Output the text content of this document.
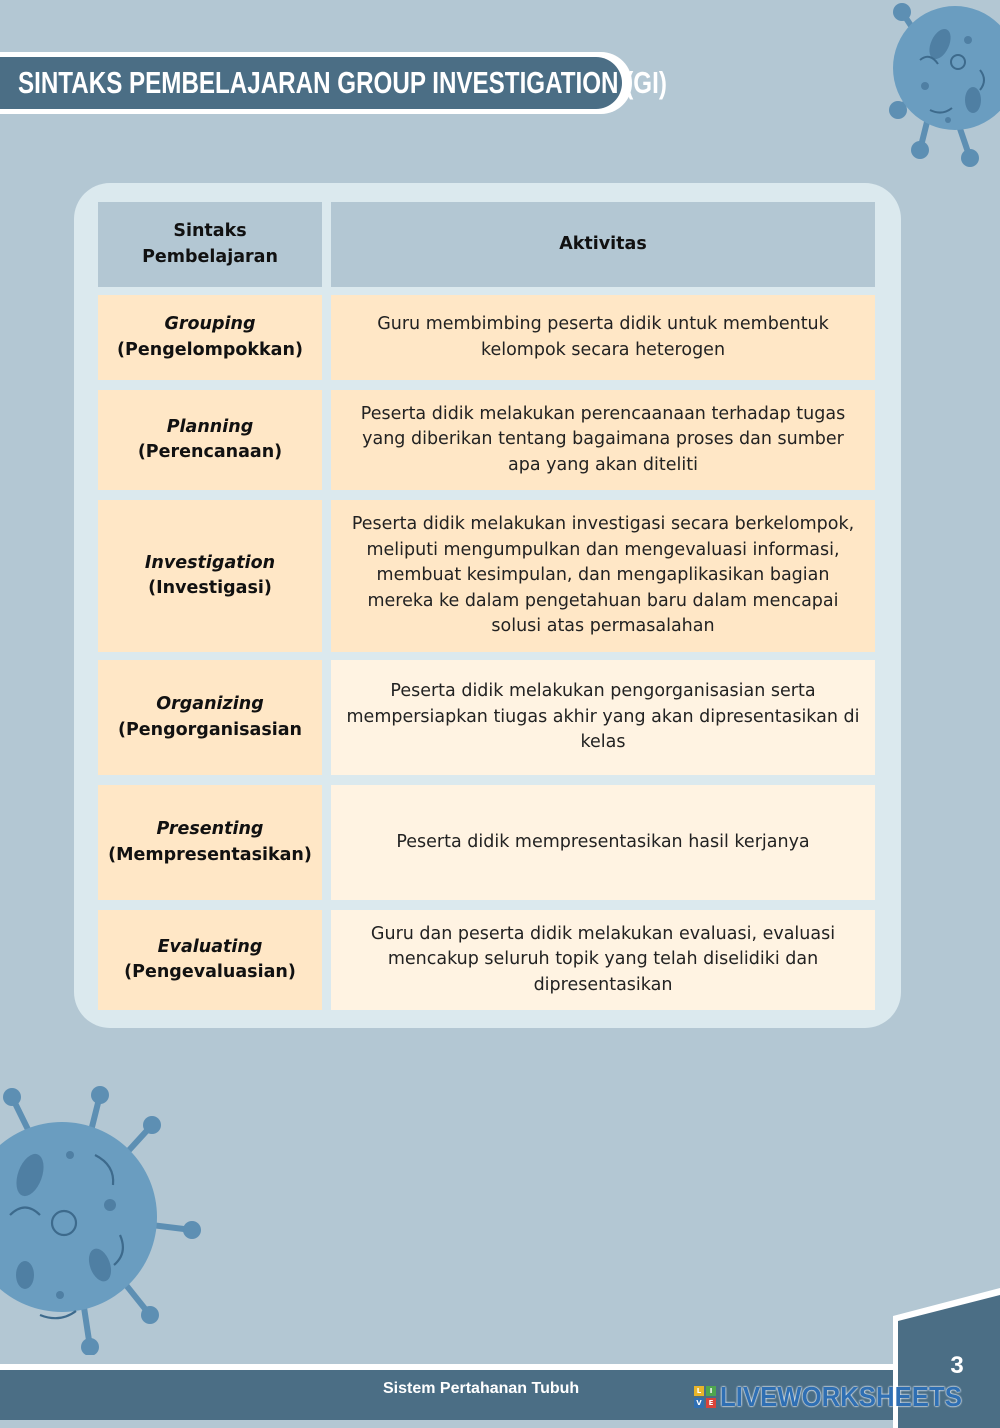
SINTAKS PEMBELAJARAN GROUP INVESTIGATION (GI)
Sintaks Pembelajaran
Aktivitas
Grouping
(Pengelompokkan)
Guru membimbing peserta didik untuk membentuk kelompok secara heterogen
Planning
(Perencanaan)
Peserta didik melakukan perencaanaan terhadap tugas yang diberikan tentang bagaimana proses dan sumber apa yang akan diteliti
Investigation
(Investigasi)
Peserta didik melakukan investigasi secara berkelompok, meliputi mengumpulkan dan mengevaluasi informasi, membuat kesimpulan, dan mengaplikasikan bagian mereka ke dalam pengetahuan baru dalam mencapai solusi atas permasalahan
Organizing
(Pengorganisasian
Peserta didik melakukan pengorganisasian serta mempersiapkan tiugas akhir yang akan dipresentasikan di kelas
Presenting
(Mempresentasikan)
Peserta didik mempresentasikan hasil kerjanya
Evaluating
(Pengevaluasian)
Guru dan peserta didik melakukan evaluasi, evaluasi mencakup seluruh topik yang telah diselidiki dan dipresentasikan
Sistem Pertahanan Tubuh
3
L	I
V E LIVEWORKSHEETS
